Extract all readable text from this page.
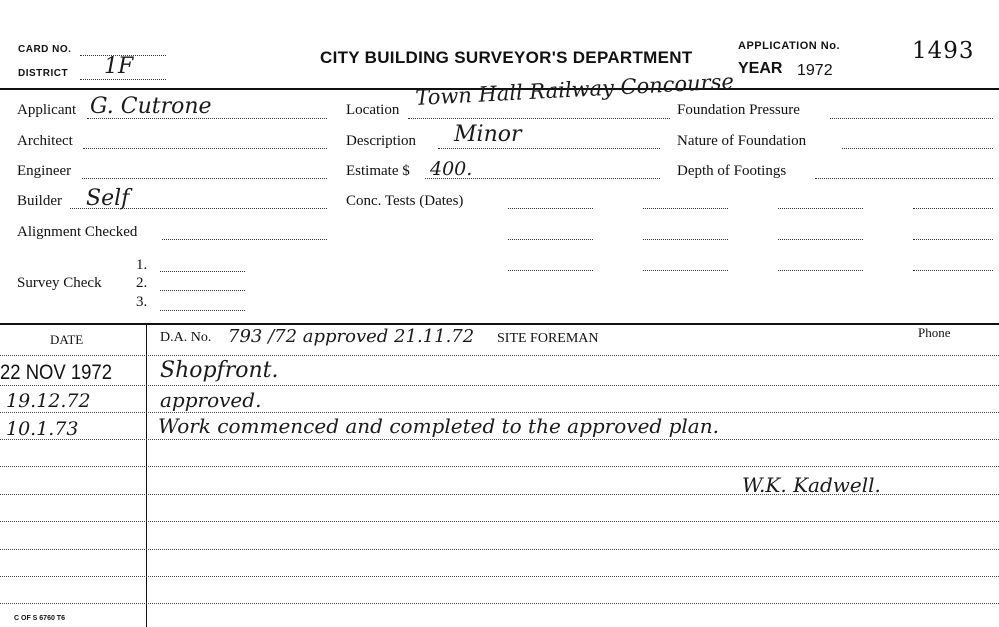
CARD NO.
DISTRICT 1F	CITY BUILDING SURVEYOR'S DEPARTMENT
APPLICATION No.	1493
YEAR 1972
Applicant G. Cutrone
Architect
Engineer
Builder Self
Alignment Checked
Survey Check
1.
2.
3.
Location Town Hall Railway Concourse
Description Minor
Estimate $ 400.
Conc. Tests (Dates)
Foundation Pressure
Nature of Foundation
Depth of Footings
DATE	D.A. No. 793 /72 approved 21.11.72 SITE FOREMAN	Phone
22 NOV 1972 Shopfront.
19.12.72	approved.
10.1.73	Work commenced and completed to the approved plan.
W.K. Kadwell.
C OF S 6760 T6
